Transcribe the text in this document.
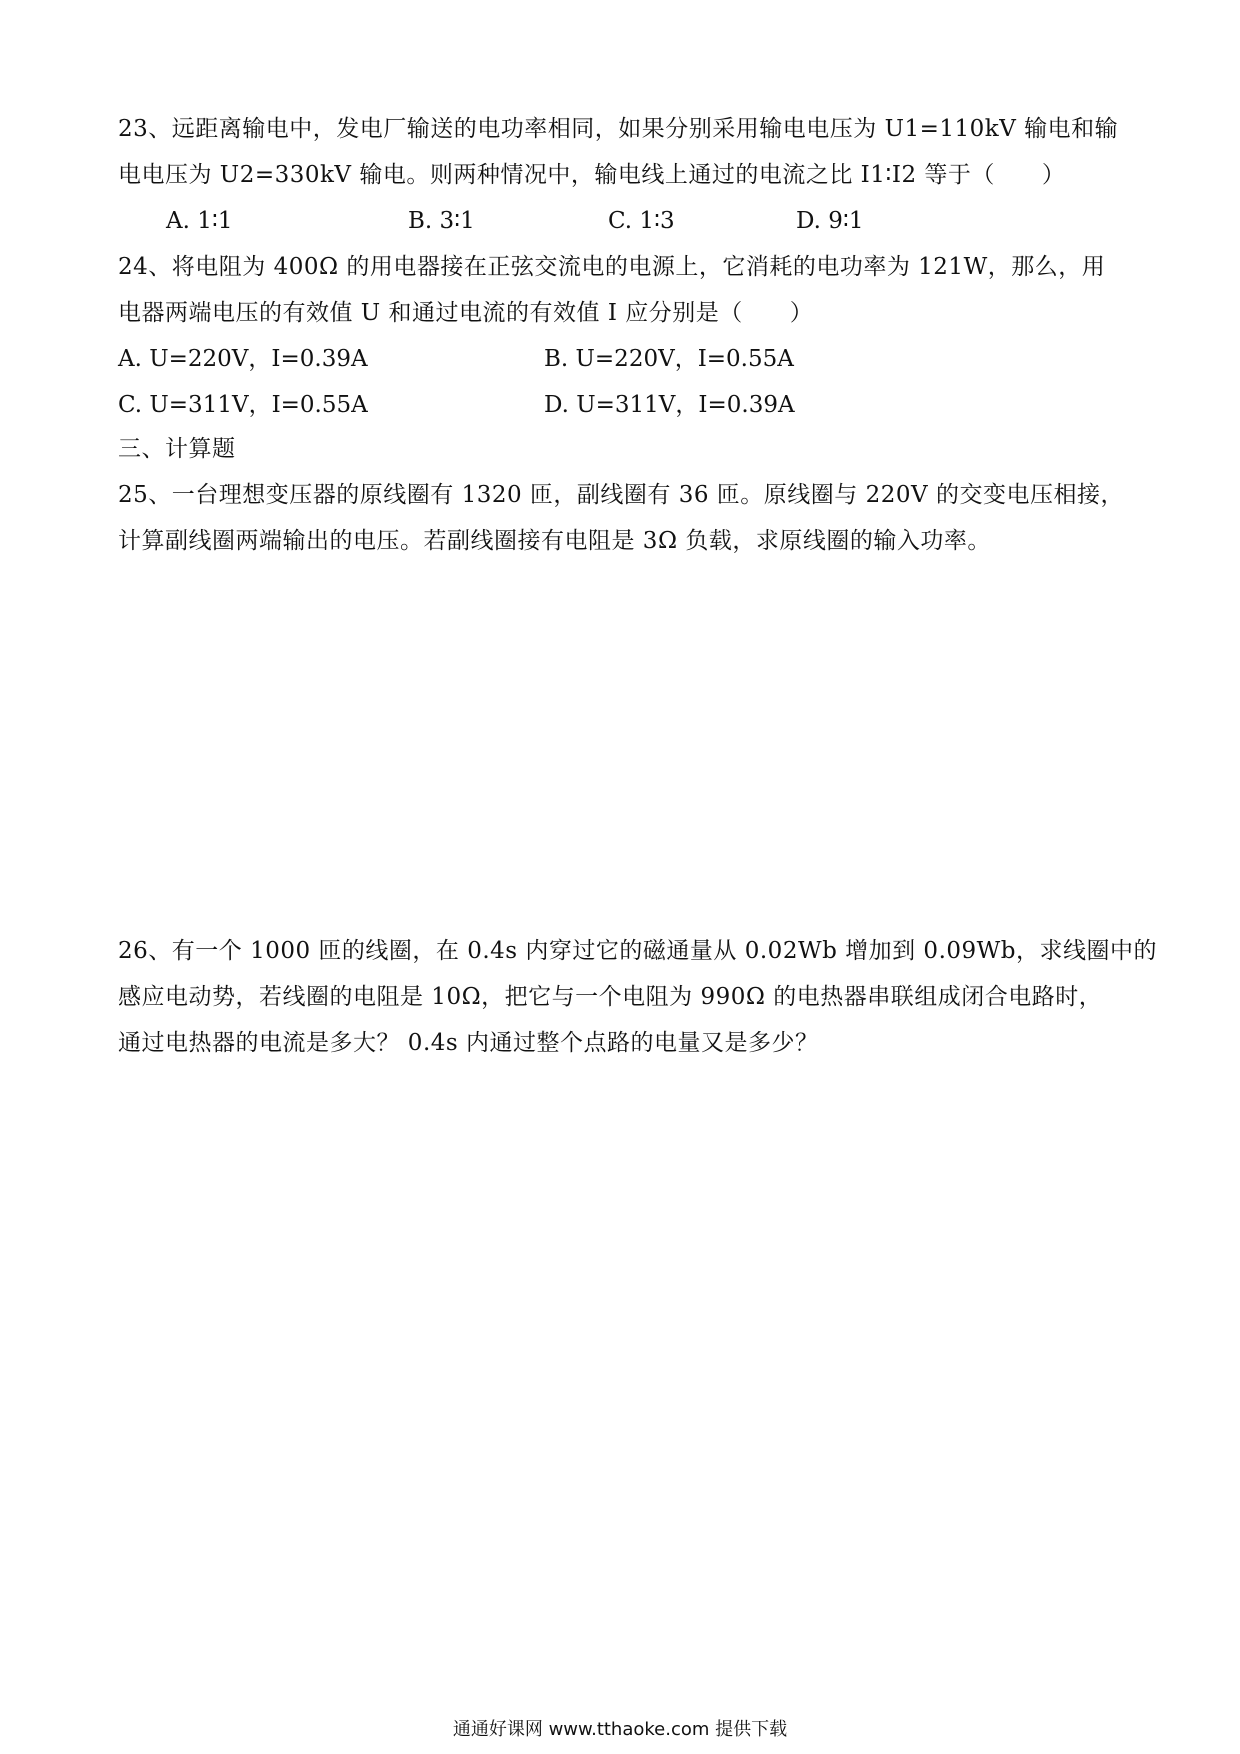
23、远距离输电中，发电厂输送的电功率相同，如果分别采用输电电压为 U1=110kV 输电和输
电电压为 U2=330kV 输电。则两种情况中，输电线上通过的电流之比 I1∶I2 等于（　　）
A. 1∶1	B. 3∶1	C. 1∶3	D. 9∶1
24、将电阻为 400Ω 的用电器接在正弦交流电的电源上，它消耗的电功率为 121W，那么，用
电器两端电压的有效值 U 和通过电流的有效值 I 应分别是（　　）
A. U=220V，I=0.39A	B. U=220V，I=0.55A
C. U=311V，I=0.55A	D. U=311V，I=0.39A
三、计算题
25、一台理想变压器的原线圈有 1320 匝，副线圈有 36 匝。原线圈与 220V 的交变电压相接，
计算副线圈两端输出的电压。若副线圈接有电阻是 3Ω 负载，求原线圈的输入功率。
26、有一个 1000 匝的线圈，在 0.4s 内穿过它的磁通量从 0.02Wb 增加到 0.09Wb，求线圈中的
感应电动势，若线圈的电阻是 10Ω，把它与一个电阻为 990Ω 的电热器串联组成闭合电路时，
通过电热器的电流是多大？ 0.4s 内通过整个点路的电量又是多少？
通通好课网 www.tthaoke.com 提供下载
